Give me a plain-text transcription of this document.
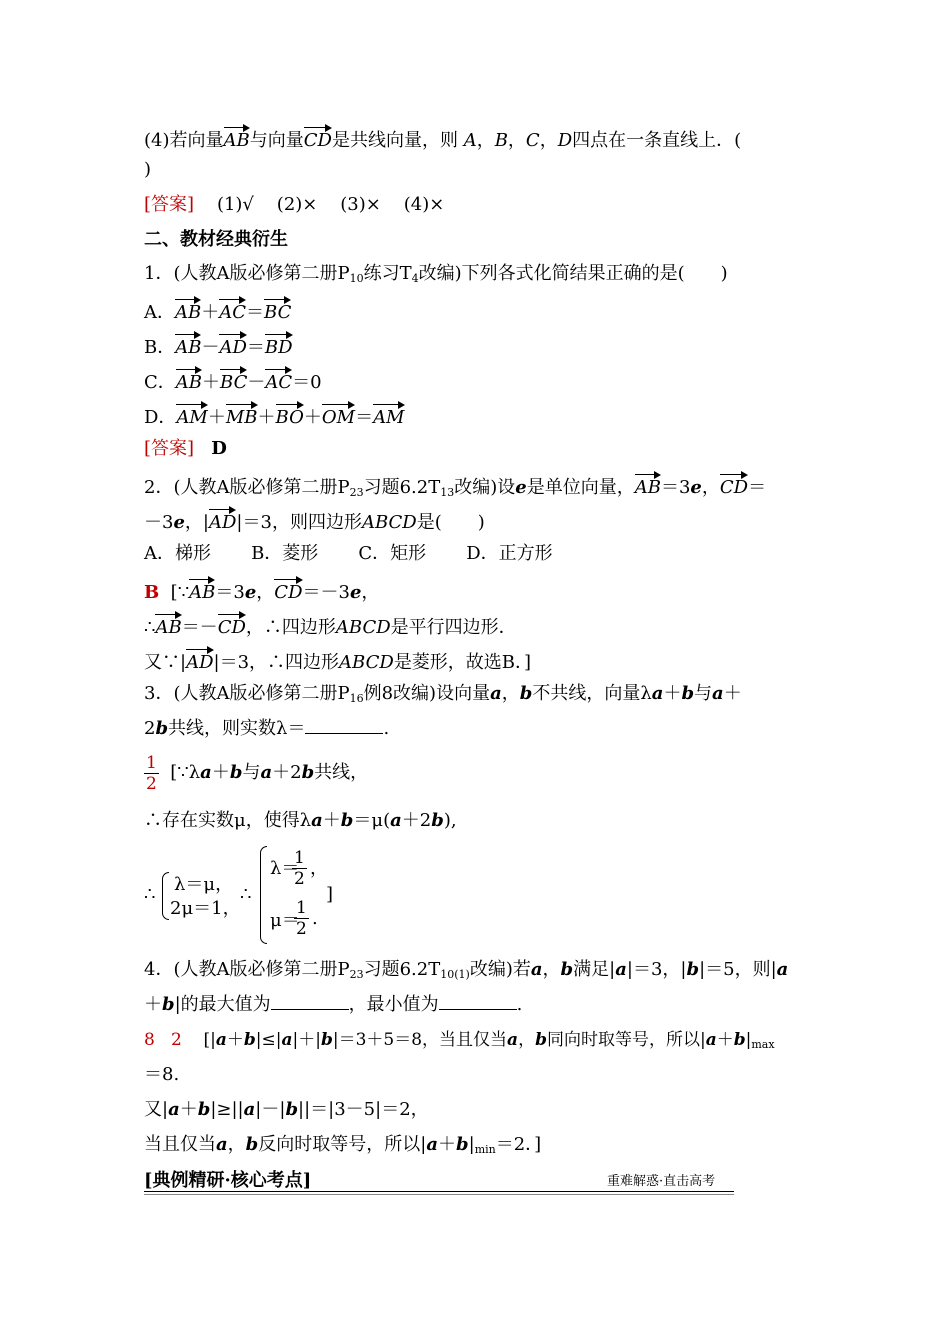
(4)若向量AB与向量CD是共线向量，则 A，B，C，D四点在一条直线上．(
)
[答案] (1)√ (2)× (3)× (4)×
二、教材经典衍生
1．(人教A版必修第二册$P_{10}$练习$T_4$改编)下列各式化简结果正确的是(　　)
A．AB＋AC＝BC
B．AB－AD＝BD
C．AB＋BC－AC＝0
D．AM＋MB＋BO＋OM＝AM
[答案] D
2．(人教A版必修第二册$P_{23}$习题$6.2T_{13}$改编)设e是单位向量，AB＝3e，CD＝
－3e，|AD|＝3，则四边形ABCD是(　　)
A．梯形 B．菱形 C．矩形 D．正方形
B [∵AB＝3e，CD＝－3e，
∴AB＝－CD，∴四边形ABCD是平行四边形．
又∵|AD|＝3，∴四边形ABCD是菱形，故选B．]
3．(人教A版必修第二册$P_{16}$例8改编)设向量a，b不共线，向量λa＋b与a＋
2b共线，则实数λ＝	.
$\frac{1}{2}$ [∵λa＋b与a＋2b共线，
∴存在实数μ，使得λa＋b＝μ(a＋2b),
∴ λ＝μ，
2μ＝1，
∴
λ＝
$\frac{1}{2}$ ，
μ＝
$\frac{1}{2}$ .
]
4．(人教A版必修第二册$P_{23}$习题$6.2T_{10(1)}$改编)若a，b满足|a|＝3，|b|＝5，则|a
＋b|的最大值为	，最小值为	.
8 2 [|a＋b|≤|a|＋|b|＝3＋5＝8，当且仅当a，b同向时取等号，所以$|a+b|_{max}$
＝8.
又|a＋b|≥||a|－|b||＝|3－5|＝2，
当且仅当a，b反向时取等号，所以$|a+b|_{min}=2$．]
[典例精研·核心考点]	重难解惑·直击高考
